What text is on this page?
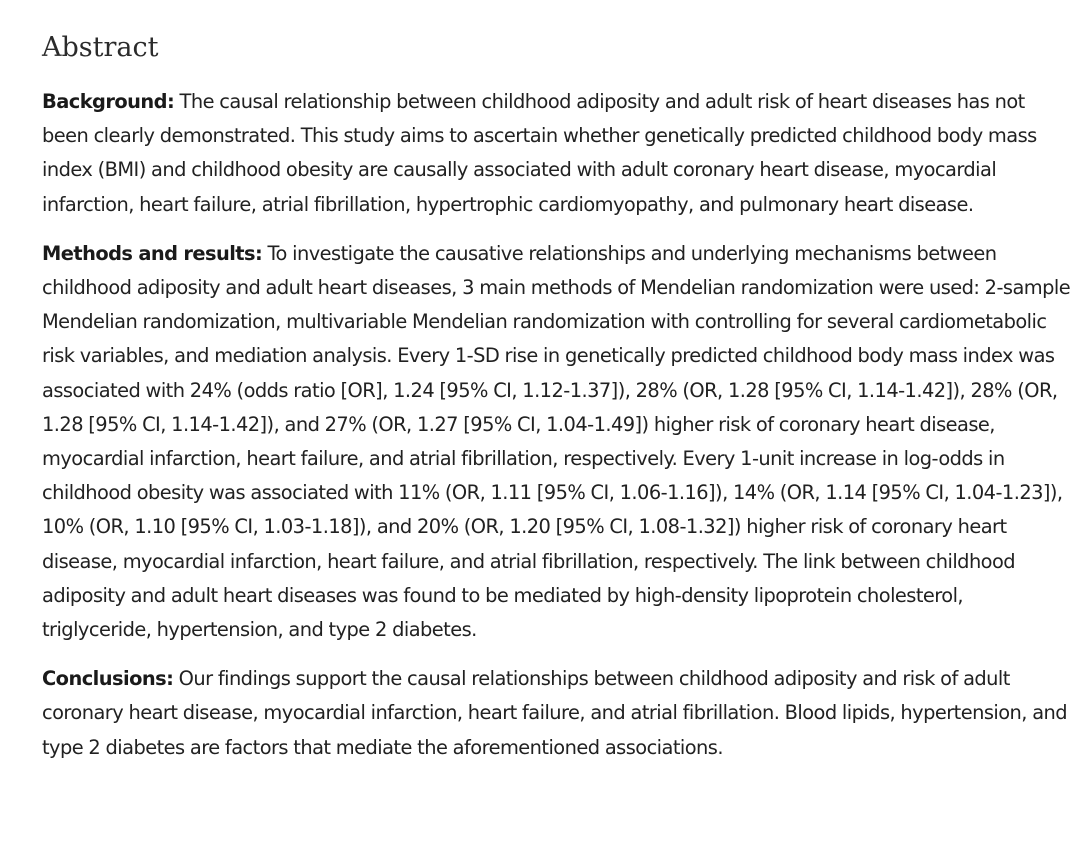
Abstract

Background: The causal relationship between childhood adiposity and adult risk of heart diseases has not been clearly demonstrated. This study aims to ascertain whether genetically predicted childhood body mass index (BMI) and childhood obesity are causally associated with adult coronary heart disease, myocardial infarction, heart failure, atrial fibrillation, hypertrophic cardiomyopathy, and pulmonary heart disease.

Methods and results: To investigate the causative relationships and underlying mechanisms between childhood adiposity and adult heart diseases, 3 main methods of Mendelian randomization were used: 2-sample Mendelian randomization, multivariable Mendelian randomization with controlling for several cardiometabolic risk variables, and mediation analysis. Every 1-SD rise in genetically predicted childhood body mass index was associated with 24% (odds ratio [OR], 1.24 [95% CI, 1.12-1.37]), 28% (OR, 1.28 [95% CI, 1.14-1.42]), 28% (OR, 1.28 [95% CI, 1.14-1.42]), and 27% (OR, 1.27 [95% CI, 1.04-1.49]) higher risk of coronary heart disease, myocardial infarction, heart failure, and atrial fibrillation, respectively. Every 1-unit increase in log-odds in childhood obesity was associated with 11% (OR, 1.11 [95% CI, 1.06-1.16]), 14% (OR, 1.14 [95% CI, 1.04-1.23]), 10% (OR, 1.10 [95% CI, 1.03-1.18]), and 20% (OR, 1.20 [95% CI, 1.08-1.32]) higher risk of coronary heart disease, myocardial infarction, heart failure, and atrial fibrillation, respectively. The link between childhood adiposity and adult heart diseases was found to be mediated by high-density lipoprotein cholesterol, triglyceride, hypertension, and type 2 diabetes.

Conclusions: Our findings support the causal relationships between childhood adiposity and risk of adult coronary heart disease, myocardial infarction, heart failure, and atrial fibrillation. Blood lipids, hypertension, and type 2 diabetes are factors that mediate the aforementioned associations.
